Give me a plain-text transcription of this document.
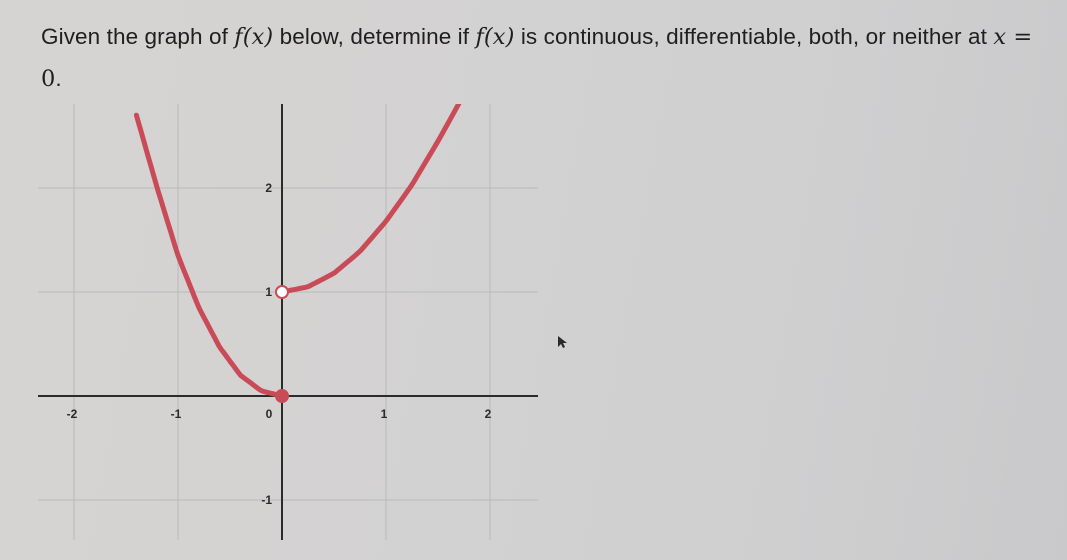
Given the graph of f(x) below, determine if f(x) is continuous, differentiable, both, or neither at x = 0.
-2	-1	0	1	2
2
1
-1
